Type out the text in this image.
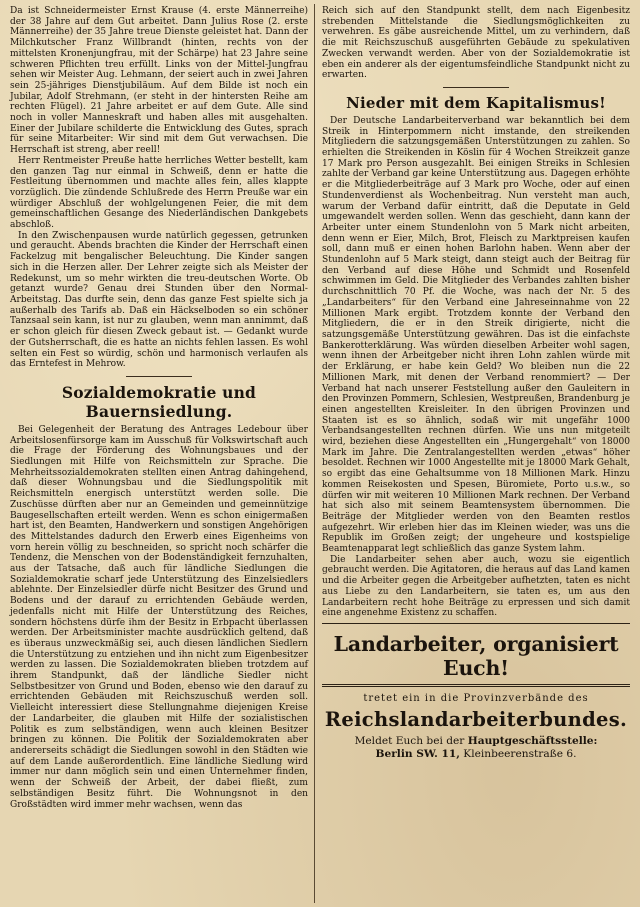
Da ist Schneidermeister Ernst Krause (4. erste Männerreihe) der 38 Jahre auf dem Gut arbeitet. Dann Julius Rose (2. erste Männerreihe) der 35 Jahre treue Dienste geleistet hat. Dann der Milchkutscher Franz Willbrandt (hinten, rechts von der mittelsten Kronenjungfrau, mit der Schärpe) hat 23 Jahre seine schweren Pflichten treu erfüllt. Links von der Mittel-Jungfrau sehen wir Meister Aug. Lehmann, der seiert auch in zwei Jahren sein 25-jähriges Dienstjubiläum. Auf dem Bilde ist noch ein Jubilar, Adolf Strehmann, (er steht in der hintersten Reihe am rechten Flügel). 21 Jahre arbeitet er auf dem Gute. Alle sind noch in voller Manneskraft und haben alles mit ausgehalten. Einer der Jubilare schilderte die Entwicklung des Gutes, sprach für seine Mitarbeiter: Wir sind mit dem Gut verwachsen. Die Herrschaft ist streng, aber reell!

Herr Rentmeister Preuße hatte herrliches Wetter bestellt, kam den ganzen Tag nur einmal in Schweiß, denn er hatte die Festleitung übernommen und machte alles fein, alles klappte vorzüglich. Die zündende Schlußrede des Herrn Preuße war ein würdiger Abschluß der wohlgelungenen Feier, die mit dem gemeinschaftlichen Gesange des Niederländischen Dankgebets abschloß.

In den Zwischenpausen wurde natürlich gegessen, getrunken und geraucht. Abends brachten die Kinder der Herrschaft einen Fackelzug mit bengalischer Beleuchtung. Die Kinder sangen sich in die Herzen aller. Der Lehrer zeigte sich als Meister der Redekunst, um so mehr wirkten die treu-deutschen Worte. Ob getanzt wurde? Genau drei Stunden über den Normal-Arbeitstag. Das durfte sein, denn das ganze Fest spielte sich ja außerhalb des Tarifs ab. Daß ein Häckselboden so ein schöner Tanzsaal sein kann, ist nur zu glauben, wenn man annimmt, daß er schon gleich für diesen Zweck gebaut ist. — Gedankt wurde der Gutsherrschaft, die es hatte an nichts fehlen lassen. Es wohl selten ein Fest so würdig, schön und harmonisch verlaufen als das Erntefest in Mehrow.

Sozialdemokratie und Bauernsiedlung.

Bei Gelegenheit der Beratung des Antrages Ledebour über Arbeitslosenfürsorge kam im Ausschuß für Volkswirtschaft auch die Frage der Förderung des Wohnungsbaues und der Siedlungen mit Hilfe von Reichsmitteln zur Sprache. Die Mehrheitssozialdemokraten stellten einen Antrag dahingehend, daß dieser Wohnungsbau und die Siedlungspolitik mit Reichsmitteln energisch unterstützt werden solle. Die Zuschüsse dürften aber nur an Gemeinden und gemeinnützige Baugesellschaften erteilt werden. Wenn es schon einigermaßen hart ist, den Beamten, Handwerkern und sonstigen Angehörigen des Mittelstandes dadurch den Erwerb eines Eigenheims von vorn herein völlig zu beschneiden, so spricht noch schärfer die Tendenz, die Menschen von der Bodenständigkeit fernzuhalten, aus der Tatsache, daß auch für ländliche Siedlungen die Sozialdemokratie scharf jede Unterstützung des Einzelsiedlers ablehnte. Der Einzelsiedler dürfe nicht Besitzer des Grund und Bodens und der darauf zu errichtenden Gebäude werden, jedenfalls nicht mit Hilfe der Unterstützung des Reiches, sondern höchstens dürfe ihm der Besitz in Erbpacht überlassen werden. Der Arbeitsminister machte ausdrücklich geltend, daß es überaus unzweckmäßig sei, auch diesen ländlichen Siedlern die Unterstützung zu entziehen und ihn nicht zum Eigenbesitzer werden zu lassen. Die Sozialdemokraten blieben trotzdem auf ihrem Standpunkt, daß der ländliche Siedler nicht Selbstbesitzer von Grund und Boden, ebenso wie den darauf zu errichtenden Gebäuden mit Reichszuschuß werden soll. Vielleicht interessiert diese Stellungnahme diejenigen Kreise der Landarbeiter, die glauben mit Hilfe der sozialistischen Politik es zum selbständigen, wenn auch kleinen Besitzer bringen zu können. Die Politik der Sozialdemokraten aber andererseits schädigt die Siedlungen sowohl in den Städten wie auf dem Lande außerordentlich. Eine ländliche Siedlung wird immer nur dann möglich sein und einen Unternehmer finden, wenn der Schweiß der Arbeit, der dabei fließt, zum selbständigen Besitz führt. Die Wohnungsnot in den Großstädten wird immer mehr wachsen, wenn das

Reich sich auf den Standpunkt stellt, dem nach Eigenbesitz strebenden Mittelstande die Siedlungsmöglichkeiten zu verwehren. Es gäbe ausreichende Mittel, um zu verhindern, daß die mit Reichszuschuß ausgeführten Gebäude zu spekulativen Zwecken verwandt werden. Aber von der Sozialdemokratie ist eben ein anderer als der eigentumsfeindliche Standpunkt nicht zu erwarten.

Nieder mit dem Kapitalismus!

Der Deutsche Landarbeiterverband war bekanntlich bei dem Streik in Hinterpommern nicht imstande, den streikenden Mitgliedern die satzungsgemäßen Unterstützungen zu zahlen. So erhielten die Streikenden in Köslin für 4 Wochen Streikzeit ganze 17 Mark pro Person ausgezahlt. Bei einigen Streiks in Schlesien zahlte der Verband gar keine Unterstützung aus. Dagegen erhöhte er die Mitgliederbeiträge auf 3 Mark pro Woche, oder auf einen Stundenverdienst als Wochenbeitrag. Nun versteht man auch, warum der Verband dafür eintritt, daß die Deputate in Geld umgewandelt werden sollen. Wenn das geschieht, dann kann der Arbeiter unter einem Stundenlohn von 5 Mark nicht arbeiten, denn wenn er Eier, Milch, Brot, Fleisch zu Marktpreisen kaufen soll, dann muß er einen hohen Barlohn haben. Wenn aber der Stundenlohn auf 5 Mark steigt, dann steigt auch der Beitrag für den Verband auf diese Höhe und Schmidt und Rosenfeld schwimmen im Geld. Die Mitglieder des Verbandes zahlten bisher durchschnittlich 70 Pf. die Woche, was nach der Nr. 5 des „Landarbeiters“ für den Verband eine Jahreseinnahme von 22 Millionen Mark ergibt. Trotzdem konnte der Verband den Mitgliedern, die er in den Streik dirigierte, nicht die satzungsgemäße Unterstützung gewähren. Das ist die einfachste Bankerotterklärung. Was würden dieselben Arbeiter wohl sagen, wenn ihnen der Arbeitgeber nicht ihren Lohn zahlen würde mit der Erklärung, er habe kein Geld? Wo bleiben nun die 22 Millionen Mark, mit denen der Verband renommiert? — Der Verband hat nach unserer Feststellung außer den Gauleitern in den Provinzen Pommern, Schlesien, Westpreußen, Brandenburg je einen angestellten Kreisleiter. In den übrigen Provinzen und Staaten ist es so ähnlich, sodaß wir mit ungefähr 1000 Verbandsangestellten rechnen dürfen. Wie uns nun mitgeteilt wird, beziehen diese Angestellten ein „Hungergehalt“ von 18000 Mark im Jahre. Die Zentralangestellten werden „etwas“ höher besoldet. Rechnen wir 1000 Angestellte mit je 18000 Mark Gehalt, so ergibt das eine Gehaltsumme von 18 Millionen Mark. Hinzu kommen Reisekosten und Spesen, Büromiete, Porto u.s.w., so dürfen wir mit weiteren 10 Millionen Mark rechnen. Der Verband hat sich also mit seinem Beamtensystem übernommen. Die Beiträge der Mitglieder werden von den Beamten restlos aufgezehrt. Wir erleben hier das im Kleinen wieder, was uns die Republik im Großen zeigt; der ungeheure und kostspielige Beamtenapparat legt schließlich das ganze System lahm.

Die Landarbeiter sehen aber auch, wozu sie eigentlich gebraucht werden. Die Agitatoren, die heraus auf das Land kamen und die Arbeiter gegen die Arbeitgeber aufhetzten, taten es nicht aus Liebe zu den Landarbeitern, sie taten es, um aus den Landarbeitern recht hohe Beiträge zu erpressen und sich damit eine angenehme Existenz zu schaffen.

Landarbeiter, organisiert Euch!
tretet ein in die Provinzverbände des
Reichslandarbeiterbundes.
Meldet Euch bei der Hauptgeschäftsstelle:
Berlin SW. 11, Kleinbeerenstraße 6.
